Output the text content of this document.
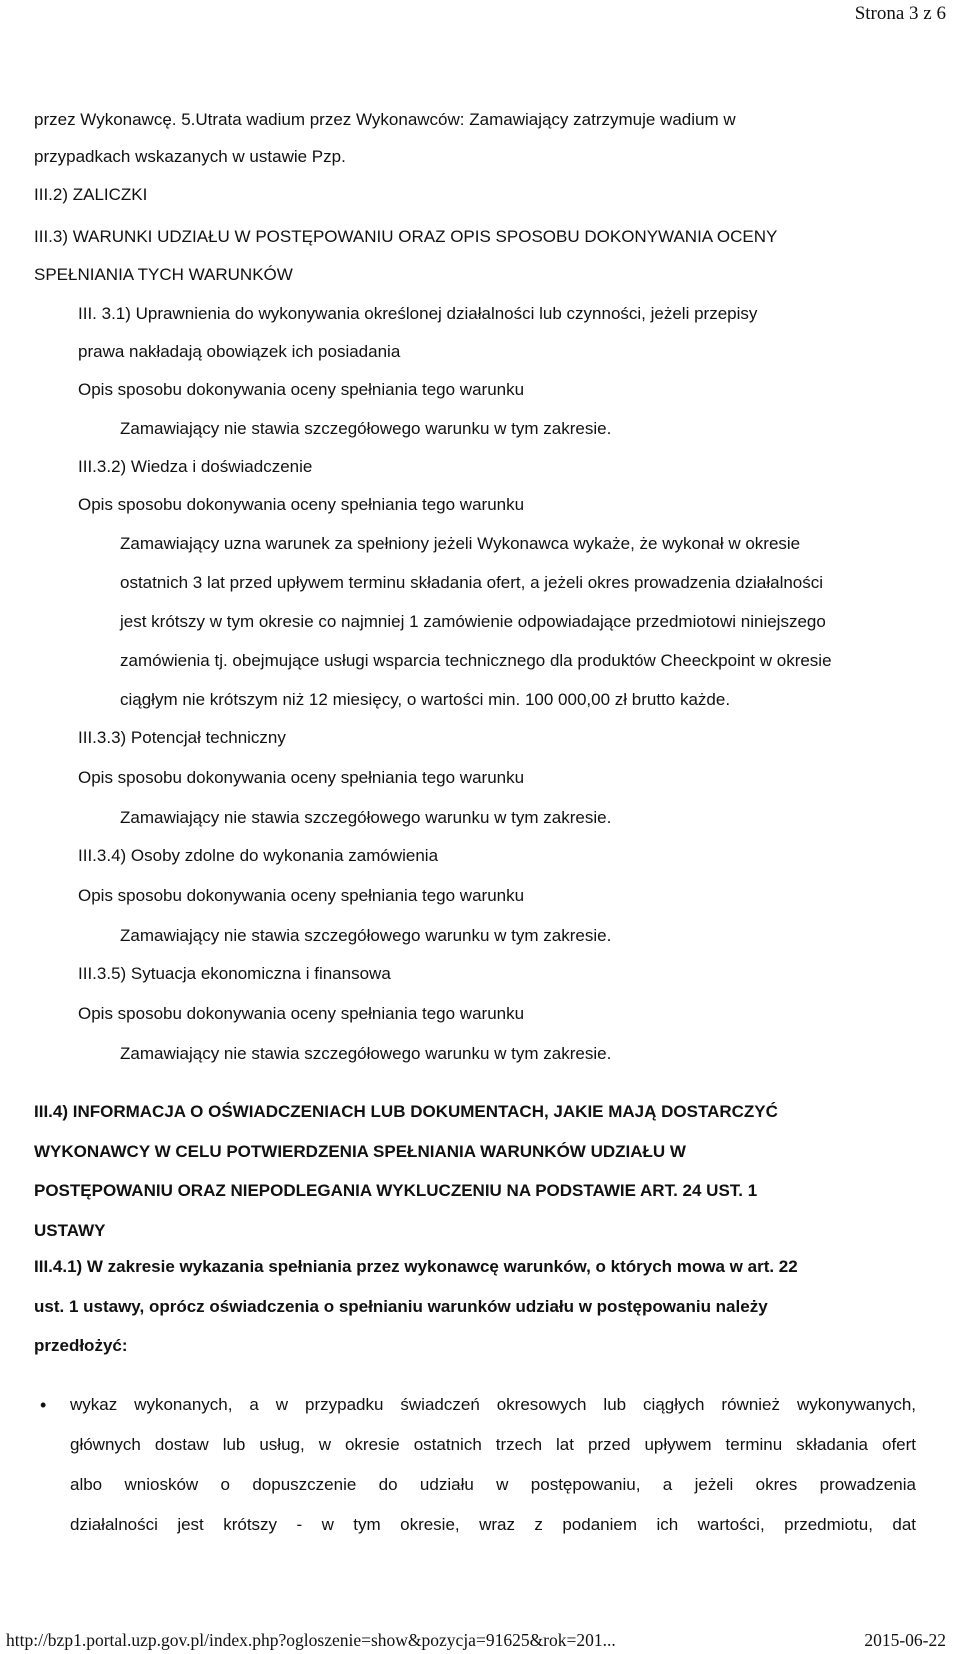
Strona 3 z 6

przez Wykonawcę. 5.Utrata wadium przez Wykonawców: Zamawiający zatrzymuje wadium w

przypadkach wskazanych w ustawie Pzp.

III.2) ZALICZKI

III.3) WARUNKI UDZIAŁU W POSTĘPOWANIU ORAZ OPIS SPOSOBU DOKONYWANIA OCENY

SPEŁNIANIA TYCH WARUNKÓW

III. 3.1) Uprawnienia do wykonywania określonej działalności lub czynności, jeżeli przepisy

prawa nakładają obowiązek ich posiadania

Opis sposobu dokonywania oceny spełniania tego warunku

Zamawiający nie stawia szczegółowego warunku w tym zakresie.

III.3.2) Wiedza i doświadczenie

Opis sposobu dokonywania oceny spełniania tego warunku

Zamawiający uzna warunek za spełniony jeżeli Wykonawca wykaże, że wykonał w okresie

ostatnich 3 lat przed upływem terminu składania ofert, a jeżeli okres prowadzenia działalności

jest krótszy w tym okresie co najmniej 1 zamówienie odpowiadające przedmiotowi niniejszego

zamówienia tj. obejmujące usługi wsparcia technicznego dla produktów Cheeckpoint w okresie

ciągłym nie krótszym niż 12 miesięcy, o wartości min. 100 000,00 zł brutto każde.

III.3.3) Potencjał techniczny

Opis sposobu dokonywania oceny spełniania tego warunku

Zamawiający nie stawia szczegółowego warunku w tym zakresie.

III.3.4) Osoby zdolne do wykonania zamówienia

Opis sposobu dokonywania oceny spełniania tego warunku

Zamawiający nie stawia szczegółowego warunku w tym zakresie.

III.3.5) Sytuacja ekonomiczna i finansowa

Opis sposobu dokonywania oceny spełniania tego warunku

Zamawiający nie stawia szczegółowego warunku w tym zakresie.

III.4) INFORMACJA O OŚWIADCZENIACH LUB DOKUMENTACH, JAKIE MAJĄ DOSTARCZYĆ

WYKONAWCY W CELU POTWIERDZENIA SPEŁNIANIA WARUNKÓW UDZIAŁU W

POSTĘPOWANIU ORAZ NIEPODLEGANIA WYKLUCZENIU NA PODSTAWIE ART. 24 UST. 1

USTAWY

III.4.1) W zakresie wykazania spełniania przez wykonawcę warunków, o których mowa w art. 22

ust. 1 ustawy, oprócz oświadczenia o spełnianiu warunków udziału w postępowaniu należy

przedłożyć:

• wykaz wykonanych, a w przypadku świadczeń okresowych lub ciągłych również wykonywanych,

głównych dostaw lub usług, w okresie ostatnich trzech lat przed upływem terminu składania ofert

albo wniosków o dopuszczenie do udziału w postępowaniu, a jeżeli okres prowadzenia

działalności jest krótszy - w tym okresie, wraz z podaniem ich wartości, przedmiotu, dat

http://bzp1.portal.uzp.gov.pl/index.php?ogloszenie=show&pozycja=91625&rok=201...	2015-06-22
